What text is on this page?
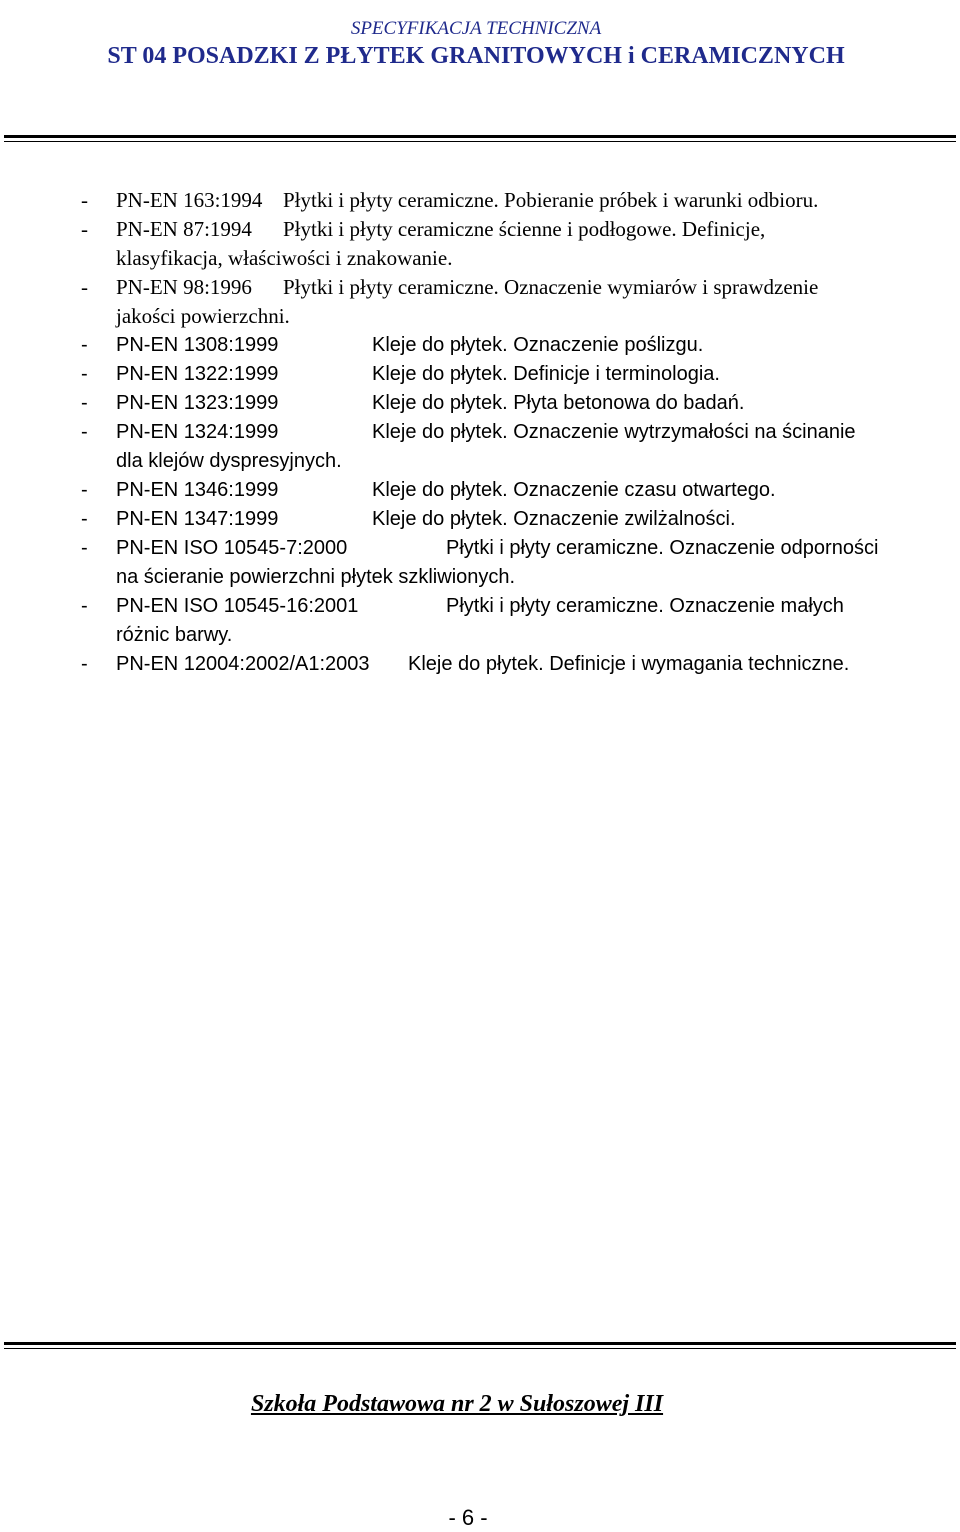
SPECYFIKACJA TECHNICZNA
ST 04 POSADZKI Z PŁYTEK GRANITOWYCH i CERAMICZNYCH
- PN-EN 163:1994 Płytki i płyty ceramiczne. Pobieranie próbek i warunki odbioru.
- PN-EN 87:1994 Płytki i płyty ceramiczne ścienne i podłogowe. Definicje,
klasyfikacja, właściwości i znakowanie.
- PN-EN 98:1996 Płytki i płyty ceramiczne. Oznaczenie wymiarów i sprawdzenie
jakości powierzchni.
- PN-EN 1308:1999	Kleje do płytek. Oznaczenie poślizgu.
- PN-EN 1322:1999	Kleje do płytek. Definicje i terminologia.
- PN-EN 1323:1999	Kleje do płytek. Płyta betonowa do badań.
- PN-EN 1324:1999	Kleje do płytek. Oznaczenie wytrzymałości na ścinanie
dla klejów dyspresyjnych.
- PN-EN 1346:1999	Kleje do płytek. Oznaczenie czasu otwartego.
- PN-EN 1347:1999	Kleje do płytek. Oznaczenie zwilżalności.
- PN-EN ISO 10545-7:2000	Płytki i płyty ceramiczne. Oznaczenie odporności
na ścieranie powierzchni płytek szkliwionych.
- PN-EN ISO 10545-16:2001	Płytki i płyty ceramiczne. Oznaczenie małych
różnic barwy.
- PN-EN 12004:2002/A1:2003 Kleje do płytek. Definicje i wymagania techniczne.
Szkoła Podstawowa nr 2 w Sułoszowej III
- 6 -
